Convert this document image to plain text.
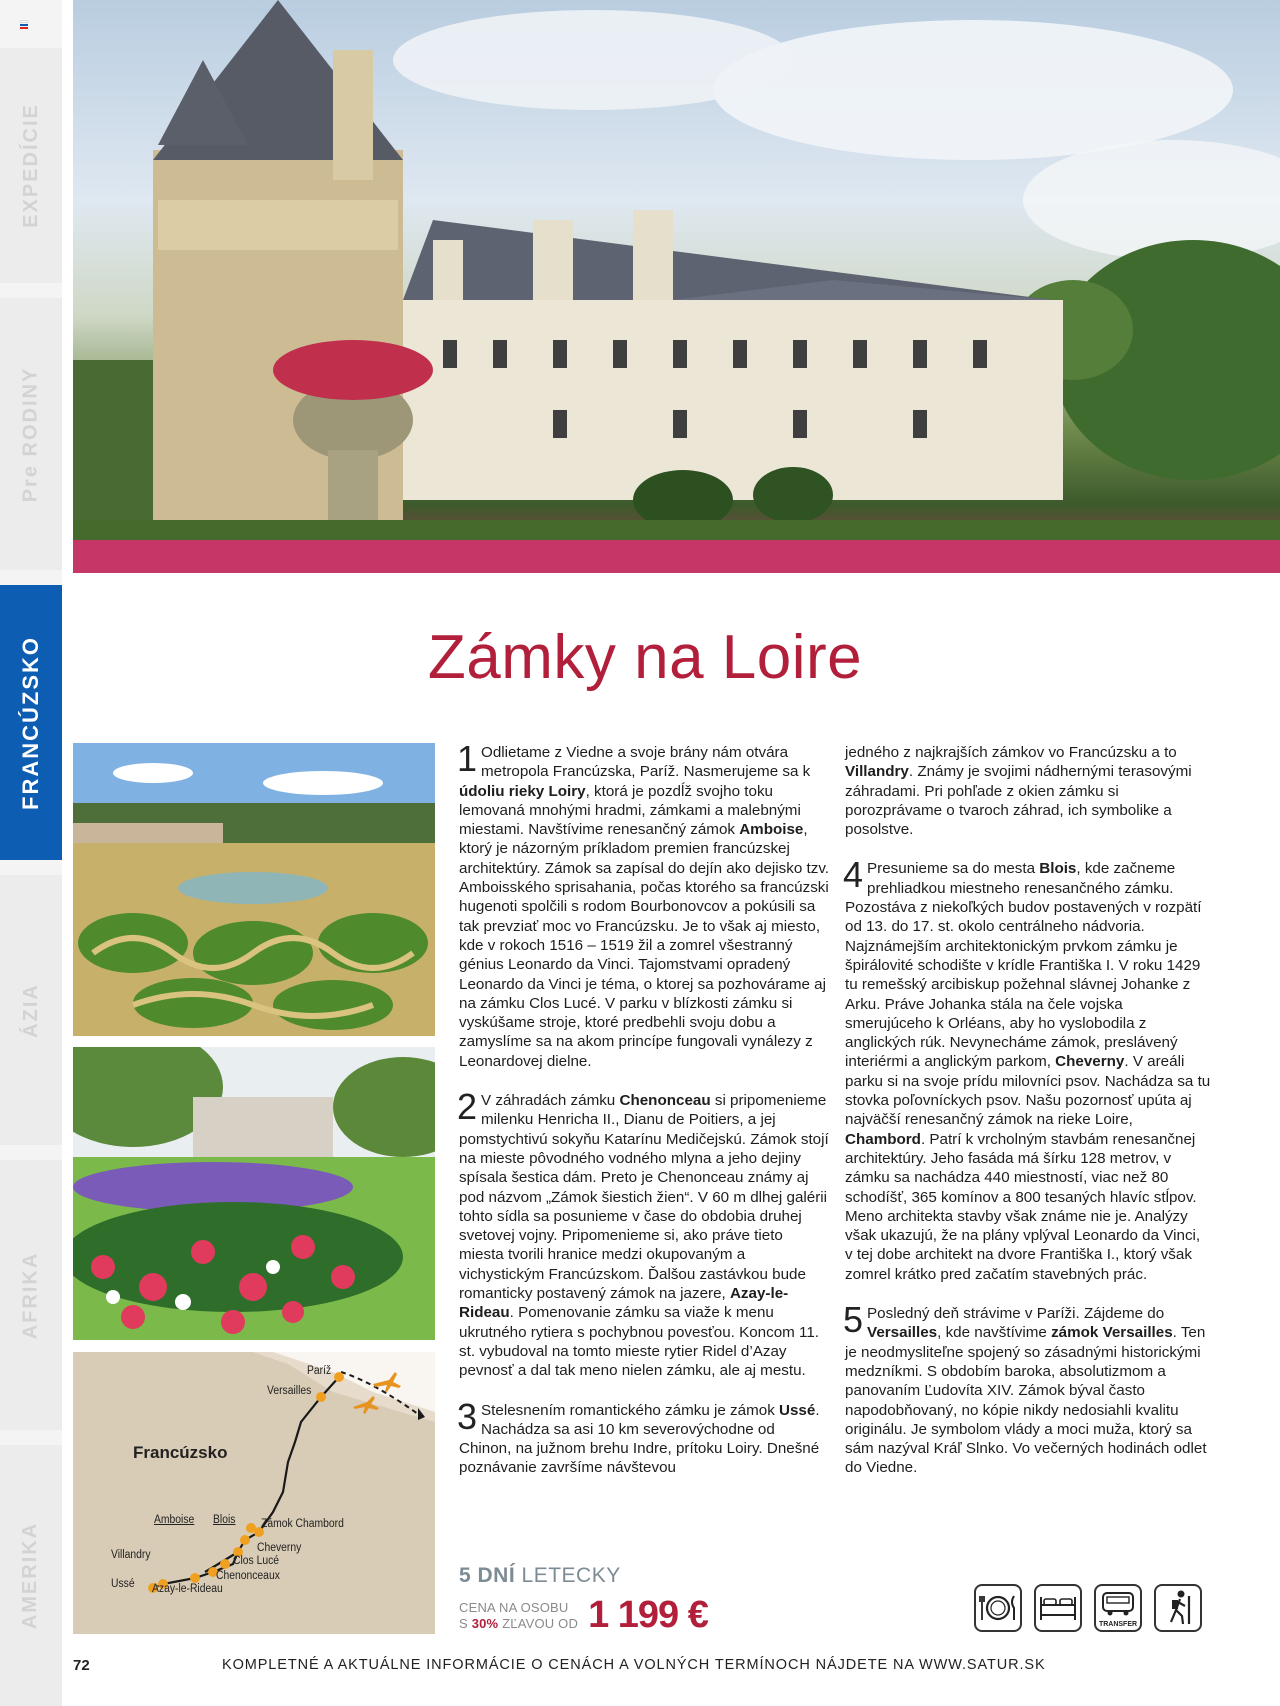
EXPEDÍCIE
Pre RODINY
FRANCÚZSKO
ÁZIA
AFRIKA
AMERIKA
Zámky na Loire
Francúzsko
Paríž
Versailles
Amboise Blois Zámok Chambord
Cheverny
Clos Lucé
Chenonceaux
Villandry
Ussé Azay-le-Rideau

1 Odlietame z Viedne a svoje brány nám otvára metropola Francúzska, Paríž. Nasmerujeme sa k údoliu rieky Loiry, ktorá je pozdĺž svojho toku lemovaná mnohými hradmi, zámkami a malebnými miestami. Navštívime renesančný zámok Amboise, ktorý je názorným príkladom premien francúzskej architektúry. Zámok sa zapísal do dejín ako dejisko tzv. Amboisského sprisahania, počas ktorého sa francúzski hugenoti spolčili s rodom Bourbonovcov a pokúsili sa tak prevziať moc vo Francúzsku. Je to však aj miesto, kde v rokoch 1516 – 1519 žil a zomrel všestranný génius Leonardo da Vinci. Tajomstvami opradený Leonardo da Vinci je téma, o ktorej sa pozhovárame aj na zámku Clos Lucé. V parku v blízkosti zámku si vyskúšame stroje, ktoré predbehli svoju dobu a zamyslíme sa na akom princípe fungovali vynálezy z Leonardovej dielne.

2 V záhradách zámku Chenonceau si pripomenieme milenku Henricha II., Dianu de Poitiers, a jej pomstychtivú sokyňu Katarínu Medičejskú. Zámok stojí na mieste pôvodného vodného mlyna a jeho dejiny spísala šestica dám. Preto je Chenonceau známy aj pod názvom „Zámok šiestich žien“. V 60 m dlhej galérii tohto sídla sa posunieme v čase do obdobia druhej svetovej vojny. Pripomenieme si, ako práve tieto miesta tvorili hranice medzi okupovaným a vichystickým Francúzskom. Ďalšou zastávkou bude romanticky postavený zámok na jazere, Azay-le-Rideau. Pomenovanie zámku sa viaže k menu ukrutného rytiera s pochybnou povesťou. Koncom 11. st. vybudoval na tomto mieste rytier Ridel d’Azay pevnosť a dal tak meno nielen zámku, ale aj mestu.

3 Stelesnením romantického zámku je zámok Ussé. Nachádza sa asi 10 km severovýchodne od Chinon, na južnom brehu Indre, prítoku Loiry. Dnešné poznávanie završíme návštevou

jedného z najkrajších zámkov vo Francúzsku a to Villandry. Známy je svojimi nádhernými terasovými záhradami. Pri pohľade z okien zámku si porozprávame o tvaroch záhrad, ich symbolike a posolstve.

4 Presunieme sa do mesta Blois, kde začneme prehliadkou miestneho renesančného zámku. Pozostáva z niekoľkých budov postavených v rozpätí od 13. do 17. st. okolo centrálneho nádvoria. Najznámejším architektonickým prvkom zámku je špirálovité schodište v krídle Františka I. V roku 1429 tu remešský arcibiskup požehnal slávnej Johanke z Arku. Práve Johanka stála na čele vojska smerujúceho k Orléans, aby ho vyslobodila z anglických rúk. Nevynecháme zámok, preslávený interiérmi a anglickým parkom, Cheverny. V areáli parku si na svoje prídu milovníci psov. Nachádza sa tu stovka poľovníckych psov. Našu pozornosť upúta aj najväčší renesančný zámok na rieke Loire, Chambord. Patrí k vrcholným stavbám renesančnej architektúry. Jeho fasáda má šírku 128 metrov, v zámku sa nachádza 440 miestností, viac než 80 schodíšť, 365 komínov a 800 tesaných hlavíc stĺpov. Meno architekta stavby však známe nie je. Analýzy však ukazujú, že na plány vplýval Leonardo da Vinci, v tej dobe architekt na dvore Františka I., ktorý však zomrel krátko pred začatím stavebných prác.

5 Posledný deň strávime v Paríži. Zájdeme do Versailles, kde navštívime zámok Versailles. Ten je neodmysliteľne spojený so zásadnými historickými medzníkmi. S obdobím baroka, absolutizmom a panovaním Ľudovíta XIV. Zámok býval často napodobňovaný, no kópie nikdy nedosiahli kvalitu originálu. Je symbolom vlády a moci muža, ktorý sa sám nazýval Kráľ Slnko. Vo večerných hodinách odlet do Viedne.

5 DNÍ LETECKY
CENA NA OSOBU
S 30% ZĽAVOU OD 1 199 €	TRANSFER
72	KOMPLETNÉ A AKTUÁLNE INFORMÁCIE O CENÁCH A VOLNÝCH TERMÍNOCH NÁJDETE NA WWW.SATUR.SK
